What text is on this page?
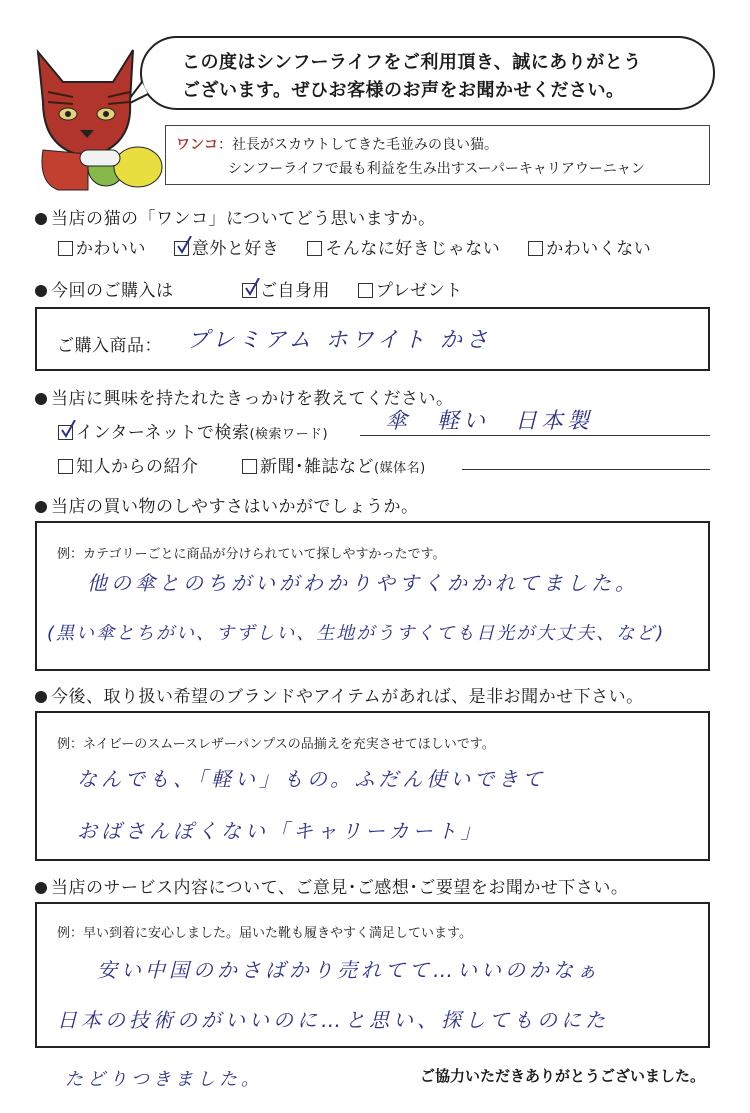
この度はシンフーライフをご利用頂き、誠にありがとう
ございます。ぜひお客様のお声をお聞かせください。
ワンコ：社長がスカウトしてきた毛並みの良い猫。
シンフーライフで最も利益を生み出すスーパーキャリアウーニャン
当店の猫の「ワンコ」についてどう思いますか。
かわいい	意外と好き	そんなに好きじゃない	かわいくない
今回のご購入は	ご自身用	プレゼント
ご購入商品： プレミアム ホワイト かさ
当店に興味を持たれたきっかけを教えてください。
インターネットで検索(検索ワード)
傘　軽い　日本製
知人からの紹介	新聞･雑誌など(媒体名)
当店の買い物のしやすさはいかがでしょうか。
例：カテゴリーごとに商品が分けられていて探しやすかったです。
他の傘とのちがいがわかりやすくかかれてました。
(黒い傘とちがい、すずしい、生地がうすくても日光が大丈夫、など)
今後、取り扱い希望のブランドやアイテムがあれば、是非お聞かせ下さい。
例：ネイビーのスムースレザーパンプスの品揃えを充実させてほしいです。
なんでも、「軽い」もの。ふだん使いできて
おばさんぽくない「キャリーカート」
当店のサービス内容について、ご意見･ご感想･ご要望をお聞かせ下さい。
例：早い到着に安心しました。届いた靴も履きやすく満足しています。
安い中国のかさばかり売れてて…いいのかなぁ
日本の技術のがいいのに…と思い、探してものにた
たどりつきました。	ご協力いただきありがとうございました。
